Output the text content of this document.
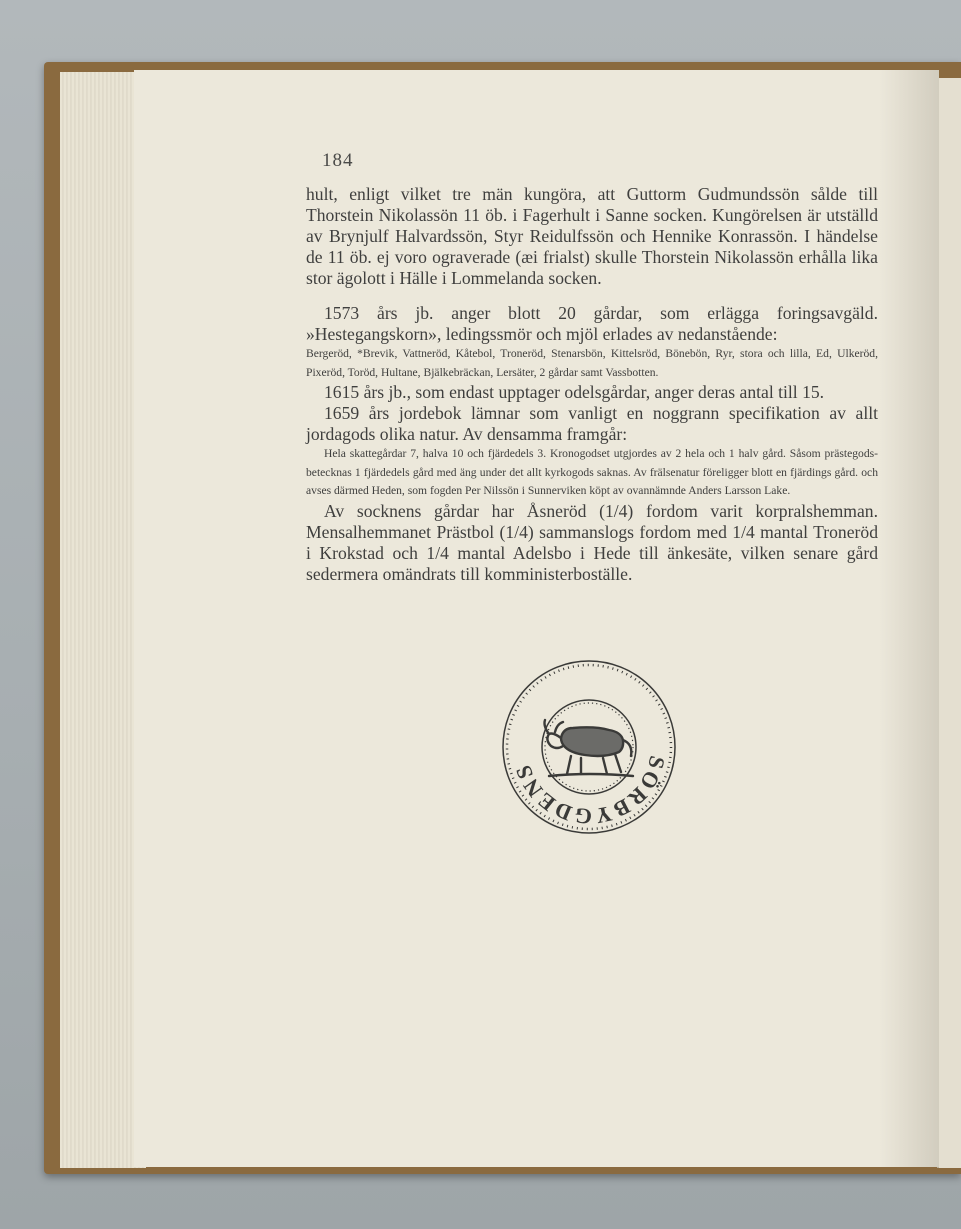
184

hult, enligt vilket tre män kungöra, att Guttorm Gudmundssön sålde till Thorstein Nikolassön 11 öb. i Fagerhult i Sanne socken. Kungörelsen är utställd av Brynjulf Halvardssön, Styr Reidulfssön och Hennike Konrassön. I händelse de 11 öb. ej voro ograverade (æi frialst) skulle Thorstein Nikolassön erhålla lika stor ägolott i Hälle i Lommelanda socken.

1573 års jb. anger blott 20 gårdar, som erlägga foringsavgäld. »Hestegangskorn», ledingssmör och mjöl erlades av nedanstående:

Bergeröd, *Brevik, Vattneröd, Kåtebol, Troneröd, Stenarsbön, Kittelsröd, Bönebön, Ryr, stora och lilla, Ed, Ulkeröd, Pixeröd, Toröd, Hultane, Bjälkebräckan, Lersäter, 2 gårdar samt Vassbotten.

1615 års jb., som endast upptager odelsgårdar, anger deras antal till 15.

1659 års jordebok lämnar som vanligt en noggrann specifikation av allt jordagods olika natur. Av densamma framgår:

Hela skattegårdar 7, halva 10 och fjärdedels 3. Kronogodset utgjordes av 2 hela och 1 halv gård. Såsom prästegods- betecknas 1 fjärdedels gård med äng under det allt kyrkogods saknas. Av frälsenatur föreligger blott en fjärdings gård. och avses därmed Heden, som fogden Per Nilssön i Sunnerviken köpt av ovannämnde Anders Larsson Lake.

Av socknens gårdar har Åsneröd (1/4) fordom varit korpralshemman. Mensalhemmanet Prästbol (1/4) sammanslogs fordom med 1/4 mantal Troneröd i Krokstad och 1/4 mantal Adelsbo i Hede till änkesäte, vilken senare gård sedermera omändrats till komministerboställe.

SÖRBYGDENS
